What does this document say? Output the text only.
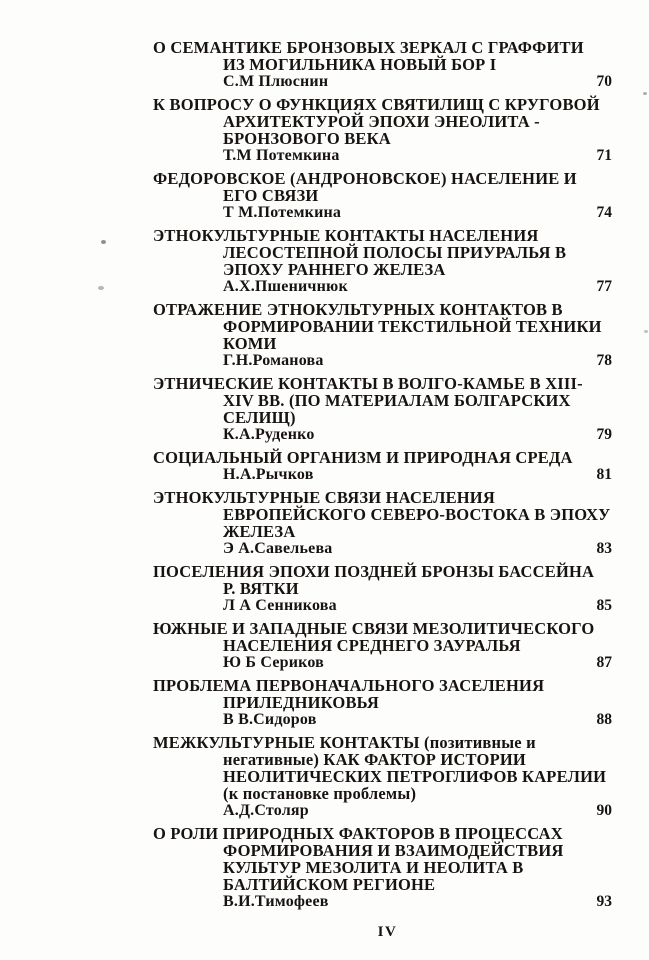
О СЕМАНТИКЕ БРОНЗОВЫХ ЗЕРКАЛ С ГРАФФИТИ
ИЗ МОГИЛЬНИКА НОВЫЙ БОР I
С.М Плюснин	70
К ВОПРОСУ О ФУНКЦИЯХ СВЯТИЛИЩ С КРУГОВОЙ
АРХИТЕКТУРОЙ ЭПОХИ ЭНЕОЛИТА -
БРОНЗОВОГО ВЕКА
Т.М Потемкина	71
ФЕДОРОВСКОЕ (АНДРОНОВСКОЕ) НАСЕЛЕНИЕ И
ЕГО СВЯЗИ
Т М.Потемкина	74
ЭТНОКУЛЬТУРНЫЕ КОНТАКТЫ НАСЕЛЕНИЯ
ЛЕСОСТЕПНОЙ ПОЛОСЫ ПРИУРАЛЬЯ В
ЭПОХУ РАННЕГО ЖЕЛЕЗА
А.Х.Пшеничнюк	77
ОТРАЖЕНИЕ ЭТНОКУЛЬТУРНЫХ КОНТАКТОВ В
ФОРМИРОВАНИИ ТЕКСТИЛЬНОЙ ТЕХНИКИ
КОМИ
Г.Н.Романова	78
ЭТНИЧЕСКИЕ КОНТАКТЫ В ВОЛГО-КАМЬЕ В XIII-
XIV ВВ. (ПО МАТЕРИАЛАМ БОЛГАРСКИХ
СЕЛИЩ)
К.А.Руденко	79
СОЦИАЛЬНЫЙ ОРГАНИЗМ И ПРИРОДНАЯ СРЕДА
Н.А.Рычков	81
ЭТНОКУЛЬТУРНЫЕ СВЯЗИ НАСЕЛЕНИЯ
ЕВРОПЕЙСКОГО СЕВЕРО-ВОСТОКА В ЭПОХУ
ЖЕЛЕЗА
Э А.Савельева	83
ПОСЕЛЕНИЯ ЭПОХИ ПОЗДНЕЙ БРОНЗЫ БАССЕЙНА
Р. ВЯТКИ
Л А Сенникова	85
ЮЖНЫЕ И ЗАПАДНЫЕ СВЯЗИ МЕЗОЛИТИЧЕСКОГО
НАСЕЛЕНИЯ СРЕДНЕГО ЗАУРАЛЬЯ
Ю Б Сериков	87
ПРОБЛЕМА ПЕРВОНАЧАЛЬНОГО ЗАСЕЛЕНИЯ
ПРИЛЕДНИКОВЬЯ
В В.Сидоров	88
МЕЖКУЛЬТУРНЫЕ КОНТАКТЫ (позитивные и
негативные) КАК ФАКТОР ИСТОРИИ
НЕОЛИТИЧЕСКИХ ПЕТРОГЛИФОВ КАРЕЛИИ
(к постановке проблемы)
А.Д.Столяр	90
О РОЛИ ПРИРОДНЫХ ФАКТОРОВ В ПРОЦЕССАХ
ФОРМИРОВАНИЯ И ВЗАИМОДЕЙСТВИЯ
КУЛЬТУР МЕЗОЛИТА И НЕОЛИТА В
БАЛТИЙСКОМ РЕГИОНЕ
В.И.Тимофеев	93
IV
